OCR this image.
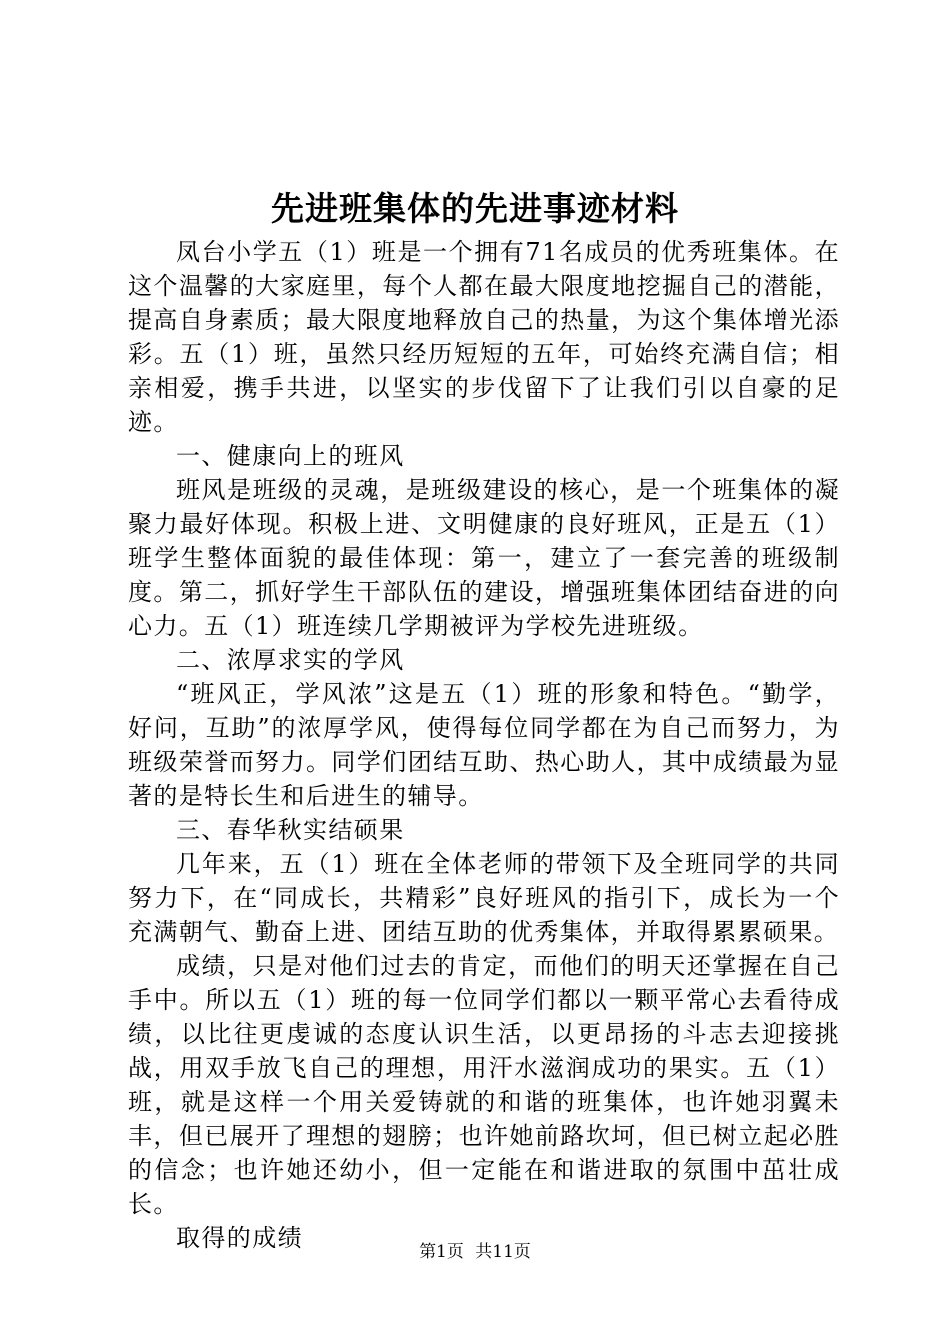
先进班集体的先进事迹材料

凤台小学五（1）班是一个拥有71名成员的优秀班集体。在这个温馨的大家庭里，每个人都在最大限度地挖掘自己的潜能，提高自身素质；最大限度地释放自己的热量，为这个集体增光添彩。五（1）班，虽然只经历短短的五年，可始终充满自信；相亲相爱，携手共进，以坚实的步伐留下了让我们引以自豪的足迹。

一、健康向上的班风

班风是班级的灵魂，是班级建设的核心，是一个班集体的凝聚力最好体现。积极上进、文明健康的良好班风，正是五（1）班学生整体面貌的最佳体现：第一，建立了一套完善的班级制度。第二，抓好学生干部队伍的建设，增强班集体团结奋进的向心力。五（1）班连续几学期被评为学校先进班级。

二、浓厚求实的学风

“班风正，学风浓”这是五（1）班的形象和特色。“勤学，好问，互助”的浓厚学风，使得每位同学都在为自己而努力，为班级荣誉而努力。同学们团结互助、热心助人，其中成绩最为显著的是特长生和后进生的辅导。

三、春华秋实结硕果

几年来，五（1）班在全体老师的带领下及全班同学的共同努力下，在“同成长，共精彩”良好班风的指引下，成长为一个充满朝气、勤奋上进、团结互助的优秀集体，并取得累累硕果。

成绩，只是对他们过去的肯定，而他们的明天还掌握在自己手中。所以五（1）班的每一位同学们都以一颗平常心去看待成绩，以比往更虔诚的态度认识生活，以更昂扬的斗志去迎接挑战，用双手放飞自己的理想，用汗水滋润成功的果实。五（1）班，就是这样一个用关爱铸就的和谐的班集体，也许她羽翼未丰，但已展开了理想的翅膀；也许她前路坎坷，但已树立起必胜的信念；也许她还幼小，但一定能在和谐进取的氛围中茁壮成长。

取得的成绩	第1页 共11页
